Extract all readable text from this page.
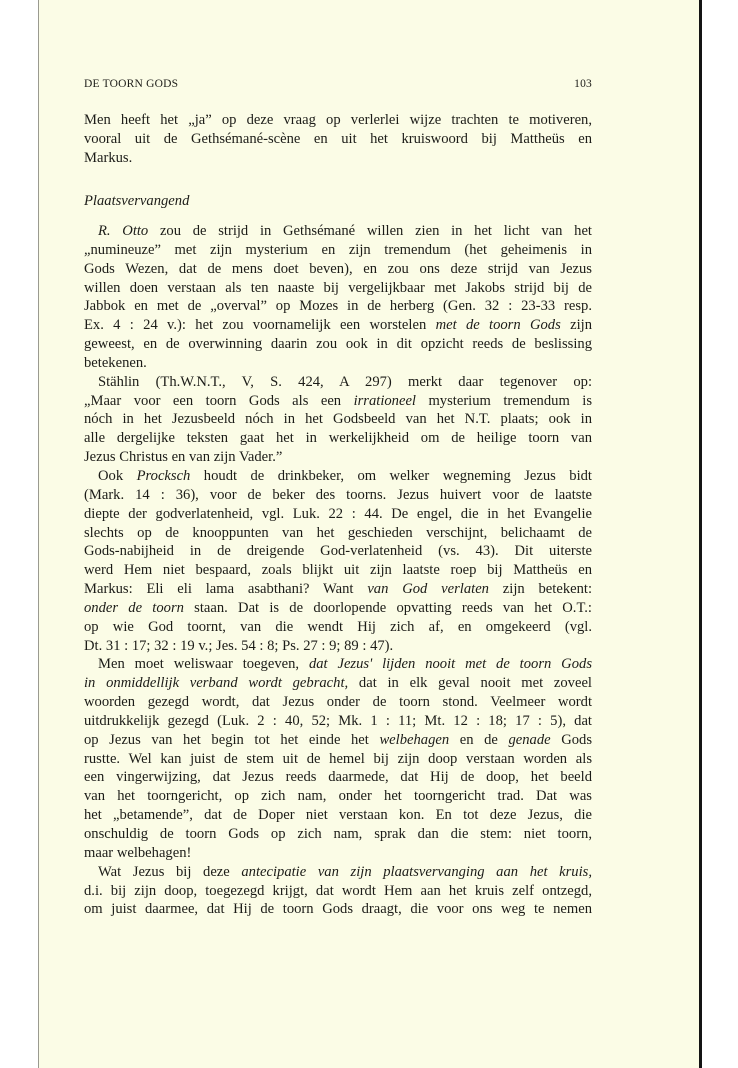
DE TOORN GODS	103
Men heeft het „ja” op deze vraag op verlerlei wijze trachten te motiveren,
vooral uit de Gethsémané-scène en uit het kruiswoord bij Mattheüs en
Markus.
Plaatsvervangend
R. Otto zou de strijd in Gethsémané willen zien in het licht van het
„numineuze” met zijn mysterium en zijn tremendum (het geheimenis in
Gods Wezen, dat de mens doet beven), en zou ons deze strijd van Jezus
willen doen verstaan als ten naaste bij vergelijkbaar met Jakobs strijd bij de
Jabbok en met de „overval” op Mozes in de herberg (Gen. 32 : 23-33 resp.
Ex. 4 : 24 v.): het zou voornamelijk een worstelen met de toorn Gods zijn
geweest, en de overwinning daarin zou ook in dit opzicht reeds de beslissing
betekenen.
Stählin (Th.W.N.T., V, S. 424, A 297) merkt daar tegenover op:
„Maar voor een toorn Gods als een irrationeel mysterium tremendum is
nóch in het Jezusbeeld nóch in het Godsbeeld van het N.T. plaats; ook in
alle dergelijke teksten gaat het in werkelijkheid om de heilige toorn van
Jezus Christus en van zijn Vader.”
Ook Procksch houdt de drinkbeker, om welker wegneming Jezus bidt
(Mark. 14 : 36), voor de beker des toorns. Jezus huivert voor de laatste
diepte der godverlatenheid, vgl. Luk. 22 : 44. De engel, die in het Evangelie
slechts op de knooppunten van het geschieden verschijnt, belichaamt de
Gods-nabijheid in de dreigende God-verlatenheid (vs. 43). Dit uiterste
werd Hem niet bespaard, zoals blijkt uit zijn laatste roep bij Mattheüs en
Markus: Eli eli lama asabthani? Want van God verlaten zijn betekent:
onder de toorn staan. Dat is de doorlopende opvatting reeds van het O.T.:
op wie God toornt, van die wendt Hij zich af, en omgekeerd (vgl.
Dt. 31 : 17; 32 : 19 v.; Jes. 54 : 8; Ps. 27 : 9; 89 : 47).
Men moet weliswaar toegeven, dat Jezus' lijden nooit met de toorn Gods
in onmiddellijk verband wordt gebracht, dat in elk geval nooit met zoveel
woorden gezegd wordt, dat Jezus onder de toorn stond. Veelmeer wordt
uitdrukkelijk gezegd (Luk. 2 : 40, 52; Mk. 1 : 11; Mt. 12 : 18; 17 : 5), dat
op Jezus van het begin tot het einde het welbehagen en de genade Gods
rustte. Wel kan juist de stem uit de hemel bij zijn doop verstaan worden als
een vingerwijzing, dat Jezus reeds daarmede, dat Hij de doop, het beeld
van het toorngericht, op zich nam, onder het toorngericht trad. Dat was
het „betamende”, dat de Doper niet verstaan kon. En tot deze Jezus, die
onschuldig de toorn Gods op zich nam, sprak dan die stem: niet toorn,
maar welbehagen!
Wat Jezus bij deze antecipatie van zijn plaatsvervanging aan het kruis,
d.i. bij zijn doop, toegezegd krijgt, dat wordt Hem aan het kruis zelf ontzegd,
om juist daarmee, dat Hij de toorn Gods draagt, die voor ons weg te nemen
